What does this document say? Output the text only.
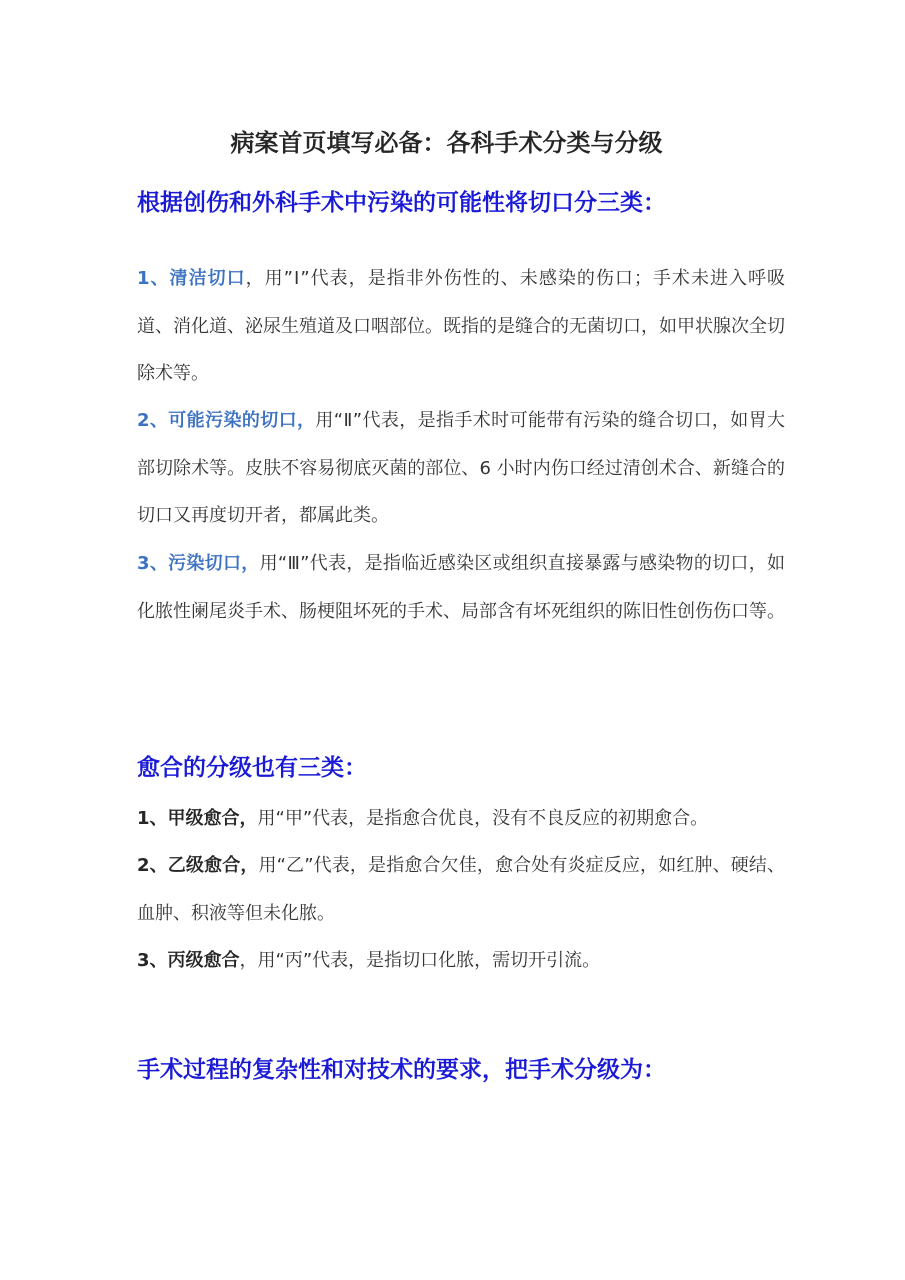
病案首页填写必备：各科手术分类与分级
根据创伤和外科手术中污染的可能性将切口分三类：
1、清洁切口，用”Ⅰ”代表，是指非外伤性的、未感染的伤口；手术未进入呼吸道、消化道、泌尿生殖道及口咽部位。既指的是缝合的无菌切口，如甲状腺次全切除术等。
2、可能污染的切口，用“Ⅱ”代表，是指手术时可能带有污染的缝合切口，如胃大部切除术等。皮肤不容易彻底灭菌的部位、6 小时内伤口经过清创术合、新缝合的切口又再度切开者，都属此类。
3、污染切口，用“Ⅲ”代表，是指临近感染区或组织直接暴露与感染物的切口，如化脓性阑尾炎手术、肠梗阻坏死的手术、局部含有坏死组织的陈旧性创伤伤口等。
愈合的分级也有三类：
1、甲级愈合，用“甲”代表，是指愈合优良，没有不良反应的初期愈合。
2、乙级愈合，用“乙”代表，是指愈合欠佳，愈合处有炎症反应，如红肿、硬结、血肿、积液等但未化脓。
3、丙级愈合，用“丙”代表，是指切口化脓，需切开引流。
手术过程的复杂性和对技术的要求，把手术分级为：
